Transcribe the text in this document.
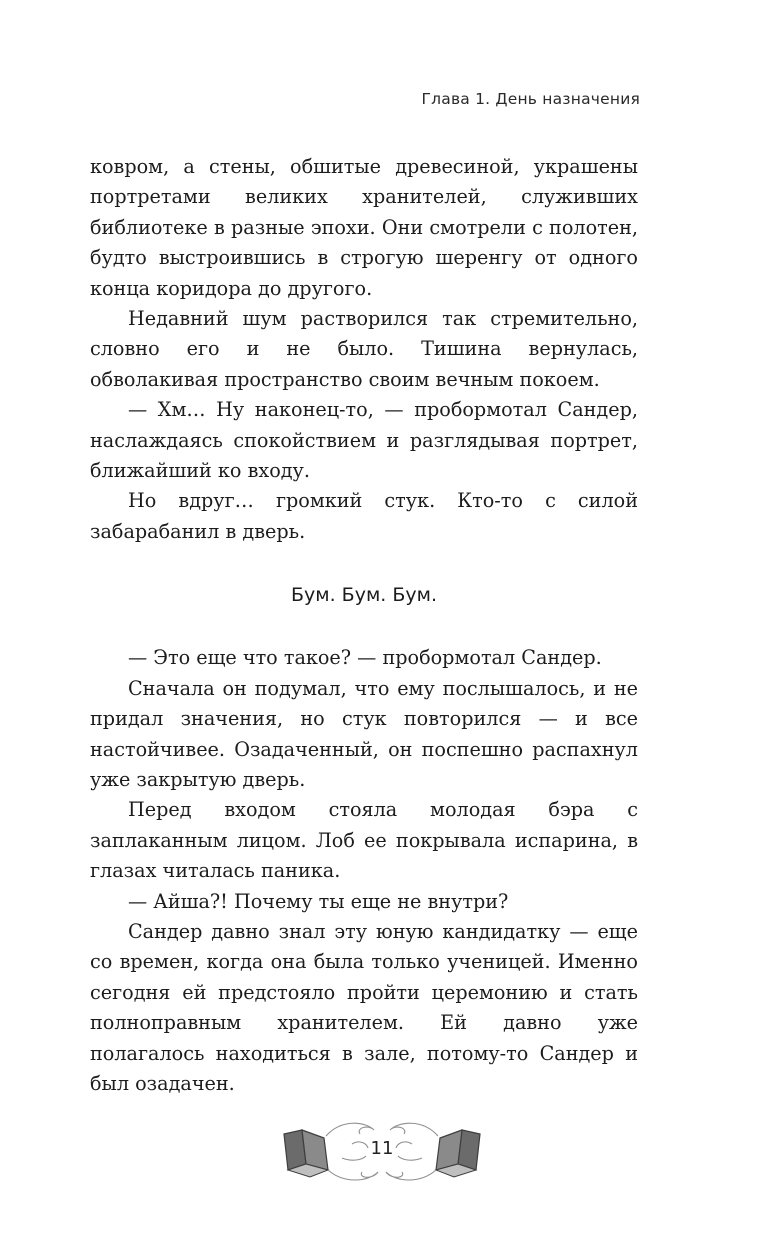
Глава 1. День назначения

ковром, а стены, обшитые древесиной, украшены портретами великих хранителей, служивших библиотеке в разные эпохи. Они смотрели с полотен, будто выстроившись в строгую шеренгу от одного конца коридора до другого.

Недавний шум растворился так стремительно, словно его и не было. Тишина вернулась, обволакивая пространство своим вечным покоем.

— Хм… Ну наконец-то, — пробормотал Сандер, наслаждаясь спокойствием и разглядывая портрет, ближайший ко входу.

Но вдруг… громкий стук. Кто-то с силой забарабанил в дверь.

Бум. Бум. Бум.

— Это еще что такое? — пробормотал Сандер.

Сначала он подумал, что ему послышалось, и не придал значения, но стук повторился — и все настойчивее. Озадаченный, он поспешно распахнул уже закрытую дверь.

Перед входом стояла молодая бэра с заплаканным лицом. Лоб ее покрывала испарина, в глазах читалась паника.

— Айша?! Почему ты еще не внутри?

Сандер давно знал эту юную кандидатку — еще со времен, когда она была только ученицей. Именно сегодня ей предстояло пройти церемонию и стать полноправным хранителем. Ей давно уже полагалось находиться в зале, потому-то Сандер и был озадачен.

11
